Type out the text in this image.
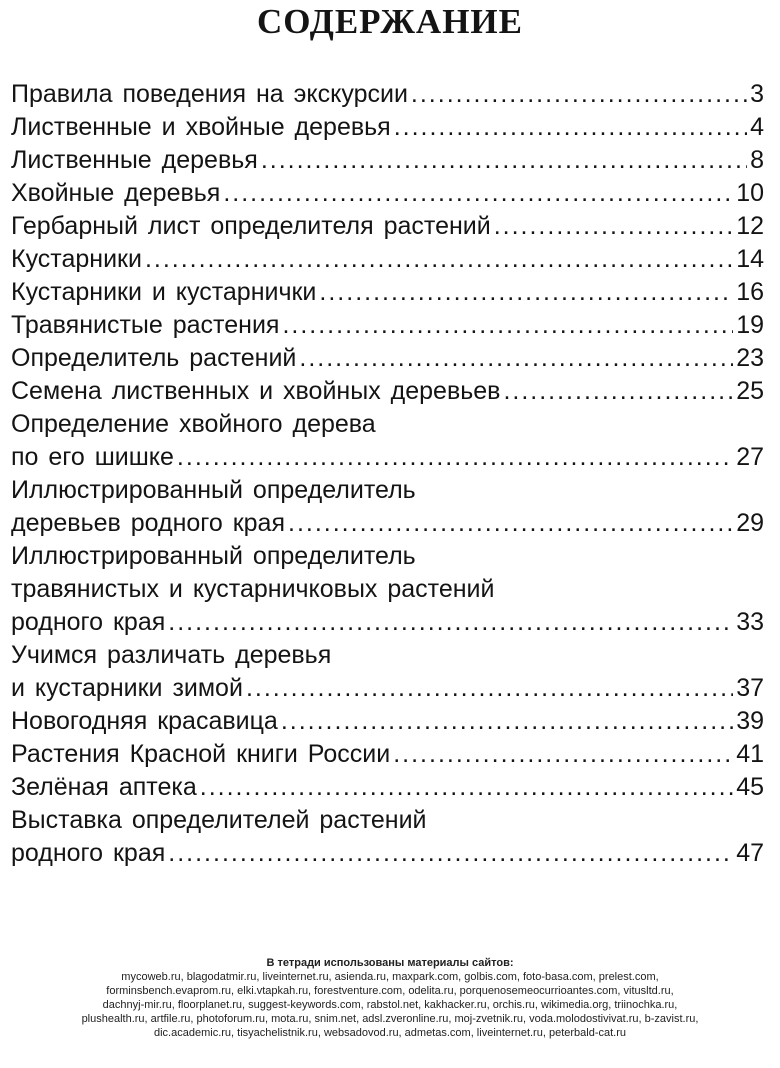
СОДЕРЖАНИЕ
Правила поведения на экскурсии .....	3
Лиственные и хвойные деревья .....	4
Лиственные деревья .....	8
Хвойные деревья .....	10
Гербарный лист определителя растений .....	12
Кустарники .....	14
Кустарники и кустарнички .....	16
Травянистые растения .....	19
Определитель растений .....	23
Семена лиственных и хвойных деревьев .....	25
Определение хвойного дерева
по его шишке .....	27
Иллюстрированный определитель
деревьев родного края .....	29
Иллюстрированный определитель
травянистых и кустарничковых растений
родного края .....	33
Учимся различать деревья
и кустарники зимой .....	37
Новогодняя красавица .....	39
Растения Красной книги России .....	41
Зелёная аптека .....	45
Выставка определителей растений
родного края .....	47
В тетради использованы материалы сайтов:
mycoweb.ru, blagodatmir.ru, liveinternet.ru, asienda.ru, maxpark.com, golbis.com, foto-basa.com, prelest.com,
forminsbench.evaprom.ru, elki.vtapkah.ru, forestventure.com, odelita.ru, porquenosemeocurrioantes.com, vitusltd.ru,
dachnyj-mir.ru, floorplanet.ru, suggest-keywords.com, rabstol.net, kakhacker.ru, orchis.ru, wikimedia.org, triinochka.ru,
plushealth.ru, artfile.ru, photoforum.ru, mota.ru, snim.net, adsl.zveronline.ru, moj-zvetnik.ru, voda.molodostivivat.ru, b-zavist.ru,
dic.academic.ru, tisyachelistnik.ru, websadovod.ru, admetas.com, liveinternet.ru, peterbald-cat.ru
